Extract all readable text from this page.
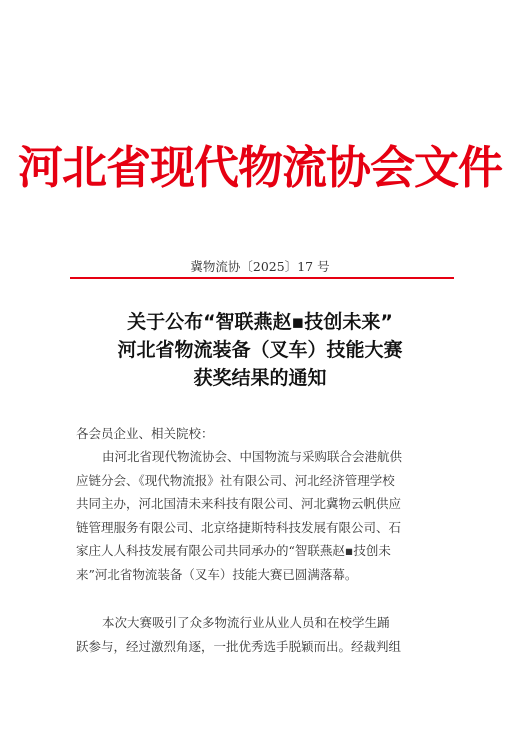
河北省现代物流协会文件
冀物流协〔2025〕17 号
关于公布“智联燕赵▪技创未来”
河北省物流装备（叉车）技能大赛
获奖结果的通知
各会员企业、相关院校：
由河北省现代物流协会、中国物流与采购联合会港航供
应链分会、《现代物流报》社有限公司、河北经济管理学校
共同主办，河北国清未来科技有限公司、河北冀物云帆供应
链管理服务有限公司、北京络捷斯特科技发展有限公司、石
家庄人人科技发展有限公司共同承办的“智联燕赵▪技创未
来”河北省物流装备（叉车）技能大赛已圆满落幕。
本次大赛吸引了众多物流行业从业人员和在校学生踊
跃参与，经过激烈角逐，一批优秀选手脱颖而出。经裁判组
